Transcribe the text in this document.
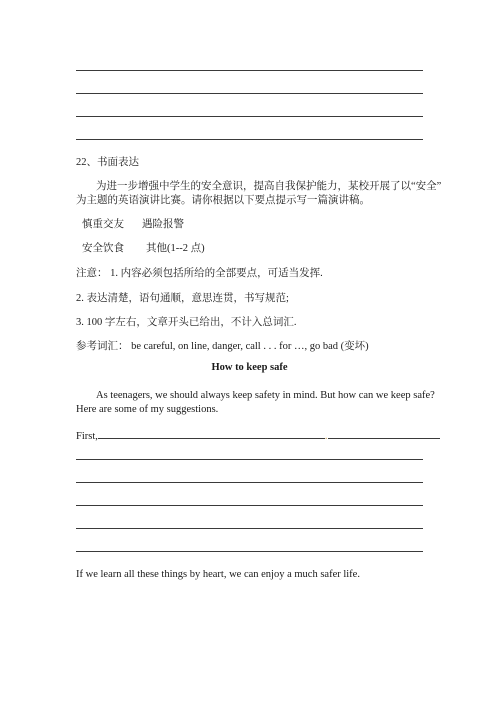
22、书面表达
为进一步增强中学生的安全意识，提高自我保护能力，某校开展了以“安全”
为主题的英语演讲比赛。请你根据以下要点提示写一篇演讲稿。
慎重交友 遇险报警
安全饮食 其他(1--2 点)
注意： 1. 内容必须包括所给的全部要点，可适当发挥.
2. 表达清楚，语句通顺，意思连贯，书写规范;
3. 100 字左右，文章开头已给出，不计入总词汇.
参考词汇： be careful, on line, danger, call . . . for …, go bad (变坏)
How to keep safe
As teenagers, we should always keep safety in mind. But how can we keep safe?
Here are some of my suggestions.
First,	.
If we learn all these things by heart, we can enjoy a much safer life.
